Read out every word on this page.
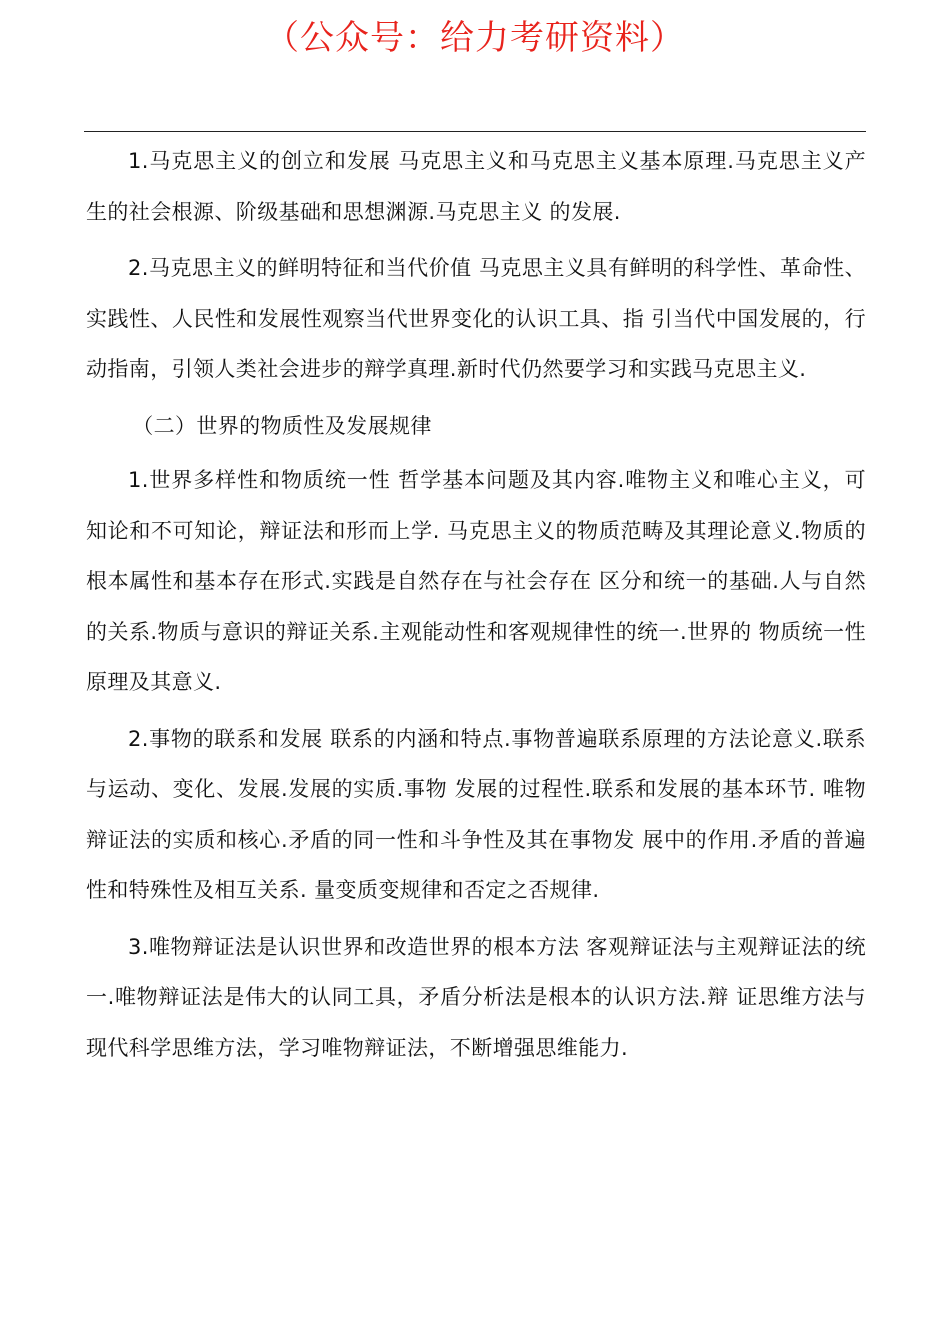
（公众号：给力考研资料）

1.马克思主义的创立和发展 马克思主义和马克思主义基本原理.马克思主义产生的社会根源、阶级基础和思想渊源.马克思主义 的发展.

2.马克思主义的鲜明特征和当代价值 马克思主义具有鲜明的科学性、革命性、实践性、人民性和发展性观察当代世界变化的认识工具、指 引当代中国发展的，行动指南，引领人类社会进步的辩学真理.新时代仍然要学习和实践马克思主义.

（二）世界的物质性及发展规律

1.世界多样性和物质统一性 哲学基本问题及其内容.唯物主义和唯心主义，可知论和不可知论，辩证法和形而上学. 马克思主义的物质范畴及其理论意义.物质的根本属性和基本存在形式.实践是自然存在与社会存在 区分和统一的基础.人与自然的关系.物质与意识的辩证关系.主观能动性和客观规律性的统一.世界的 物质统一性原理及其意义.

2.事物的联系和发展 联系的内涵和特点.事物普遍联系原理的方法论意义.联系与运动、变化、发展.发展的实质.事物 发展的过程性.联系和发展的基本环节. 唯物辩证法的实质和核心.矛盾的同一性和斗争性及其在事物发 展中的作用.矛盾的普遍性和特殊性及相互关系. 量变质变规律和否定之否规律.

3.唯物辩证法是认识世界和改造世界的根本方法 客观辩证法与主观辩证法的统一.唯物辩证法是伟大的认同工具，矛盾分析法是根本的认识方法.辩 证思维方法与现代科学思维方法，学习唯物辩证法，不断增强思维能力.
